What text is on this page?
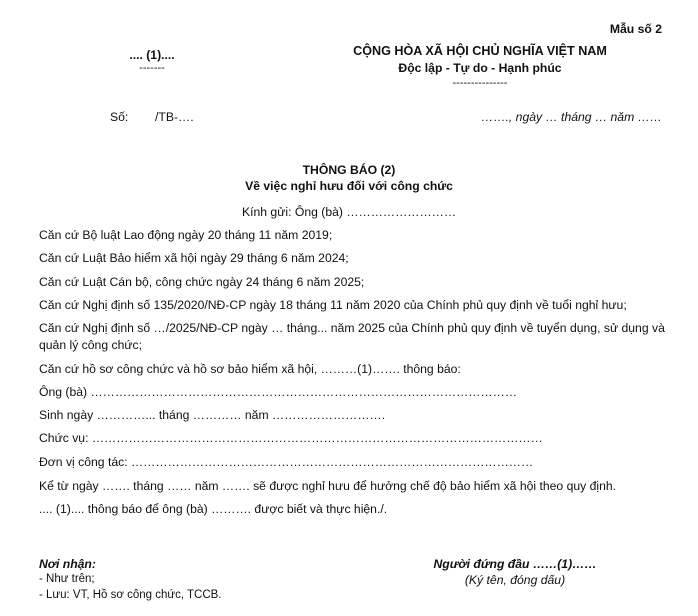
Mẫu số 2
.... (1)....
-------
CỘNG HÒA XÃ HỘI CHỦ NGHĨA VIỆT NAM
Độc lập - Tự do - Hạnh phúc
---------------
Số: /TB-….	……., ngày … tháng … năm ……
THÔNG BÁO (2)
Về việc nghỉ hưu đối với công chức
Kính gửi: Ông (bà) ………………………
Căn cứ Bộ luật Lao động ngày 20 tháng 11 năm 2019;
Căn cứ Luật Bảo hiểm xã hội ngày 29 tháng 6 năm 2024;
Căn cứ Luật Cán bộ, công chức ngày 24 tháng 6 năm 2025;
Căn cứ Nghị định số 135/2020/NĐ-CP ngày 18 tháng 11 năm 2020 của Chính phủ quy định về tuổi nghỉ hưu;
Căn cứ Nghị định số …/2025/NĐ-CP ngày … tháng... năm 2025 của Chính phủ quy định về tuyển dụng, sử dụng và quản lý công chức;
Căn cứ hồ sơ công chức và hồ sơ bảo hiểm xã hội, ………(1)……. thông báo:
Ông (bà) ……………………………………………………………………………………………
Sinh ngày …………... tháng ………… năm ……………………….
Chức vụ: …………………………………………………………………………………………………
Đơn vị công tác: ………………………………………………………………………………………
Kể từ ngày ……. tháng …… năm ……. sẽ được nghỉ hưu để hưởng chế độ bảo hiểm xã hội theo quy định.
.... (1).... thông báo để ông (bà) ………. được biết và thực hiện./.
Nơi nhận:
- Như trên;
- Lưu: VT, Hồ sơ công chức, TCCB.
Người đứng đầu ……(1)……
(Ký tên, đóng dấu)
